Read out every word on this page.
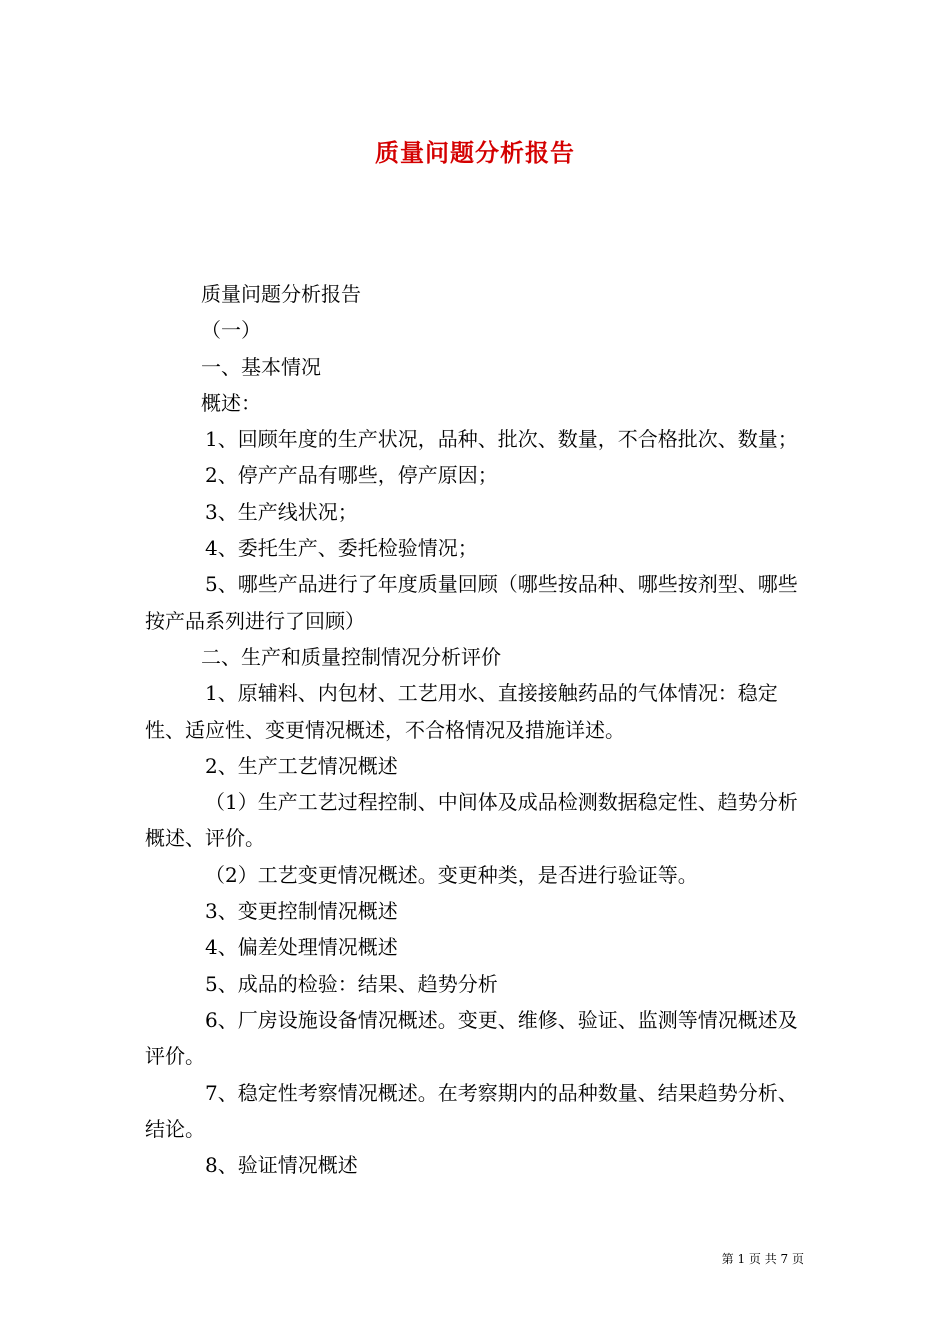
质量问题分析报告

质量问题分析报告

（一）

一、基本情况

概述：

1、回顾年度的生产状况，品种、批次、数量，不合格批次、数量；

2、停产产品有哪些，停产原因；

3、生产线状况；

4、委托生产、委托检验情况；

5、哪些产品进行了年度质量回顾（哪些按品种、哪些按剂型、哪些按产品系列进行了回顾）

二、生产和质量控制情况分析评价

1、原辅料、内包材、工艺用水、直接接触药品的气体情况：稳定性、适应性、变更情况概述，不合格情况及措施详述。

2、生产工艺情况概述

（1）生产工艺过程控制、中间体及成品检测数据稳定性、趋势分析概述、评价。

（2）工艺变更情况概述。变更种类，是否进行验证等。

3、变更控制情况概述

4、偏差处理情况概述

5、成品的检验：结果、趋势分析

6、厂房设施设备情况概述。变更、维修、验证、监测等情况概述及评价。

7、稳定性考察情况概述。在考察期内的品种数量、结果趋势分析、结论。

8、验证情况概述

第 1 页 共 7 页
